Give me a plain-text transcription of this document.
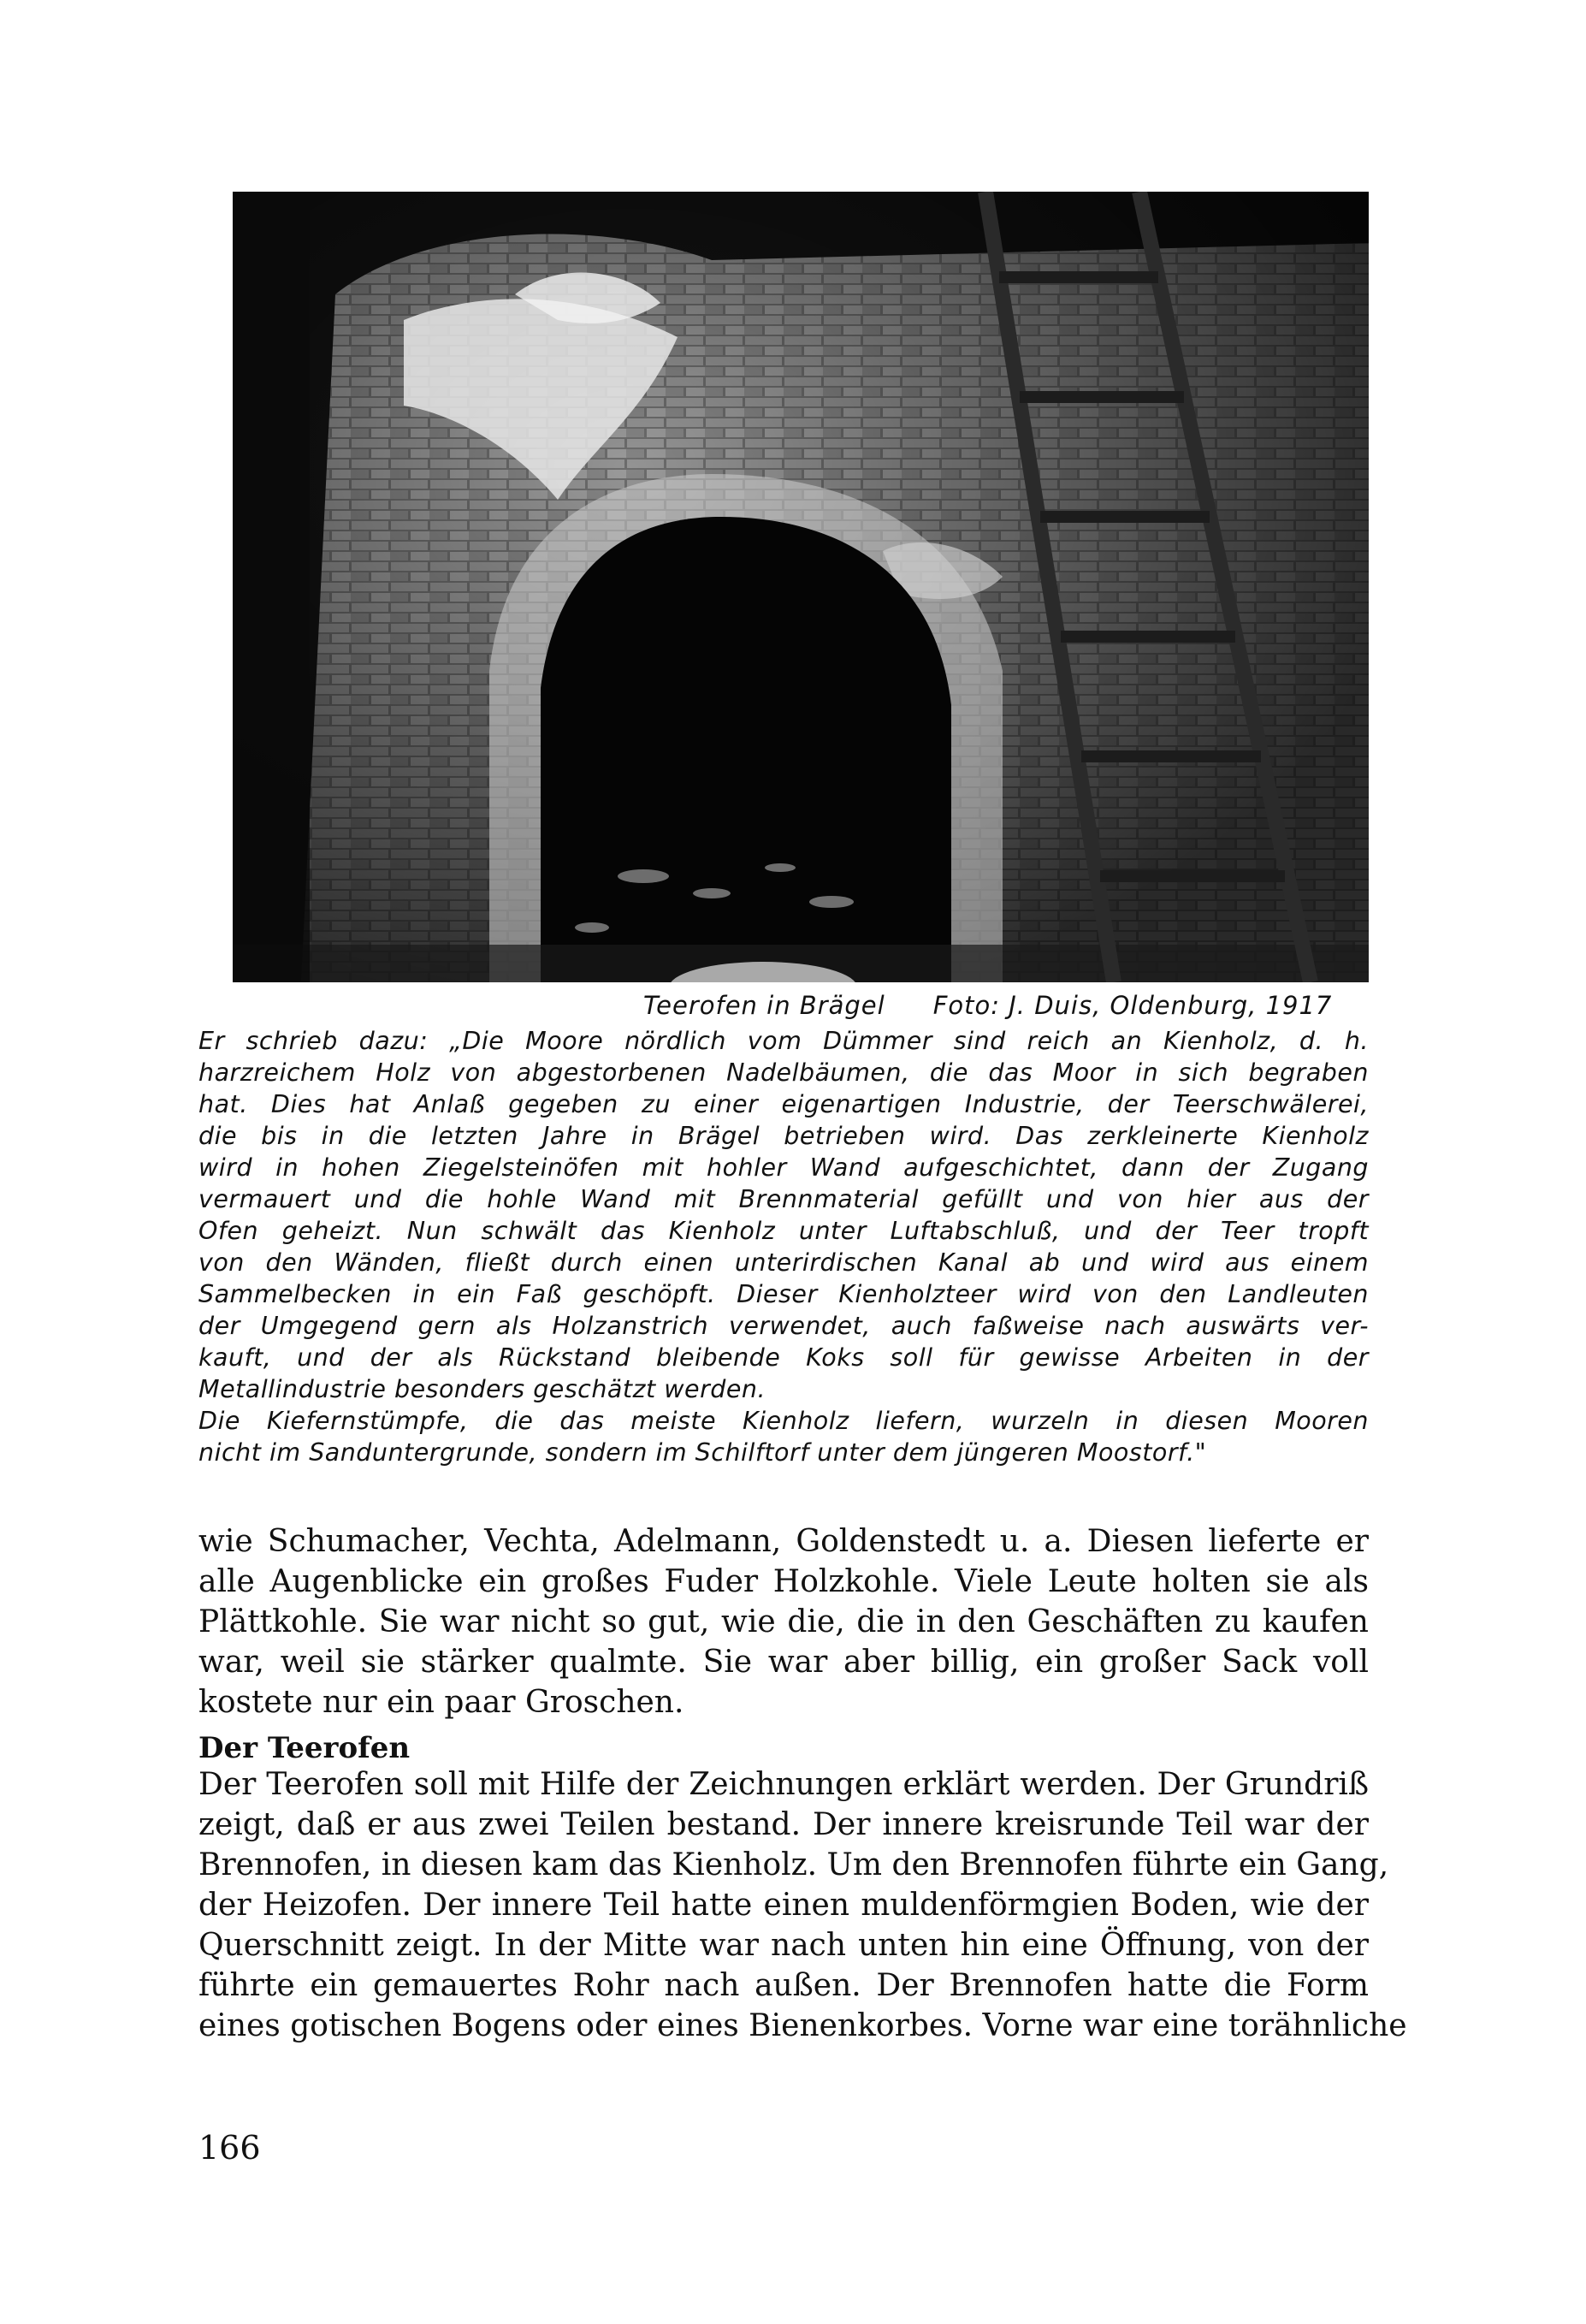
Teerofen in Brägel Foto: J. Duis, Oldenburg, 1917
Er schrieb dazu: „Die Moore nördlich vom Dümmer sind reich an Kienholz, d. h.
harzreichem Holz von abgestorbenen Nadelbäumen, die das Moor in sich begraben
hat. Dies hat Anlaß gegeben zu einer eigenartigen Industrie, der Teerschwälerei,
die bis in die letzten Jahre in Brägel betrieben wird. Das zerkleinerte Kienholz
wird in hohen Ziegelsteinöfen mit hohler Wand aufgeschichtet, dann der Zugang
vermauert und die hohle Wand mit Brennmaterial gefüllt und von hier aus der
Ofen geheizt. Nun schwält das Kienholz unter Luftabschluß, und der Teer tropft
von den Wänden, fließt durch einen unterirdischen Kanal ab und wird aus einem
Sammelbecken in ein Faß geschöpft. Dieser Kienholzteer wird von den Landleuten
der Umgegend gern als Holzanstrich verwendet, auch faßweise nach auswärts ver-
kauft, und der als Rückstand bleibende Koks soll für gewisse Arbeiten in der
Metallindustrie besonders geschätzt werden.
Die Kiefernstümpfe, die das meiste Kienholz liefern, wurzeln in diesen Mooren
nicht im Sanduntergrunde, sondern im Schilftorf unter dem jüngeren Moostorf."
wie Schumacher, Vechta, Adelmann, Goldenstedt u. a. Diesen lieferte er
alle Augenblicke ein großes Fuder Holzkohle. Viele Leute holten sie als
Plättkohle. Sie war nicht so gut, wie die, die in den Geschäften zu kaufen
war, weil sie stärker qualmte. Sie war aber billig, ein großer Sack voll
kostete nur ein paar Groschen.
Der Teerofen
Der Teerofen soll mit Hilfe der Zeichnungen erklärt werden. Der Grundriß
zeigt, daß er aus zwei Teilen bestand. Der innere kreisrunde Teil war der
Brennofen, in diesen kam das Kienholz. Um den Brennofen führte ein Gang,
der Heizofen. Der innere Teil hatte einen muldenförmgien Boden, wie der
Querschnitt zeigt. In der Mitte war nach unten hin eine Öffnung, von der
führte ein gemauertes Rohr nach außen. Der Brennofen hatte die Form
eines gotischen Bogens oder eines Bienenkorbes. Vorne war eine torähnliche
166
